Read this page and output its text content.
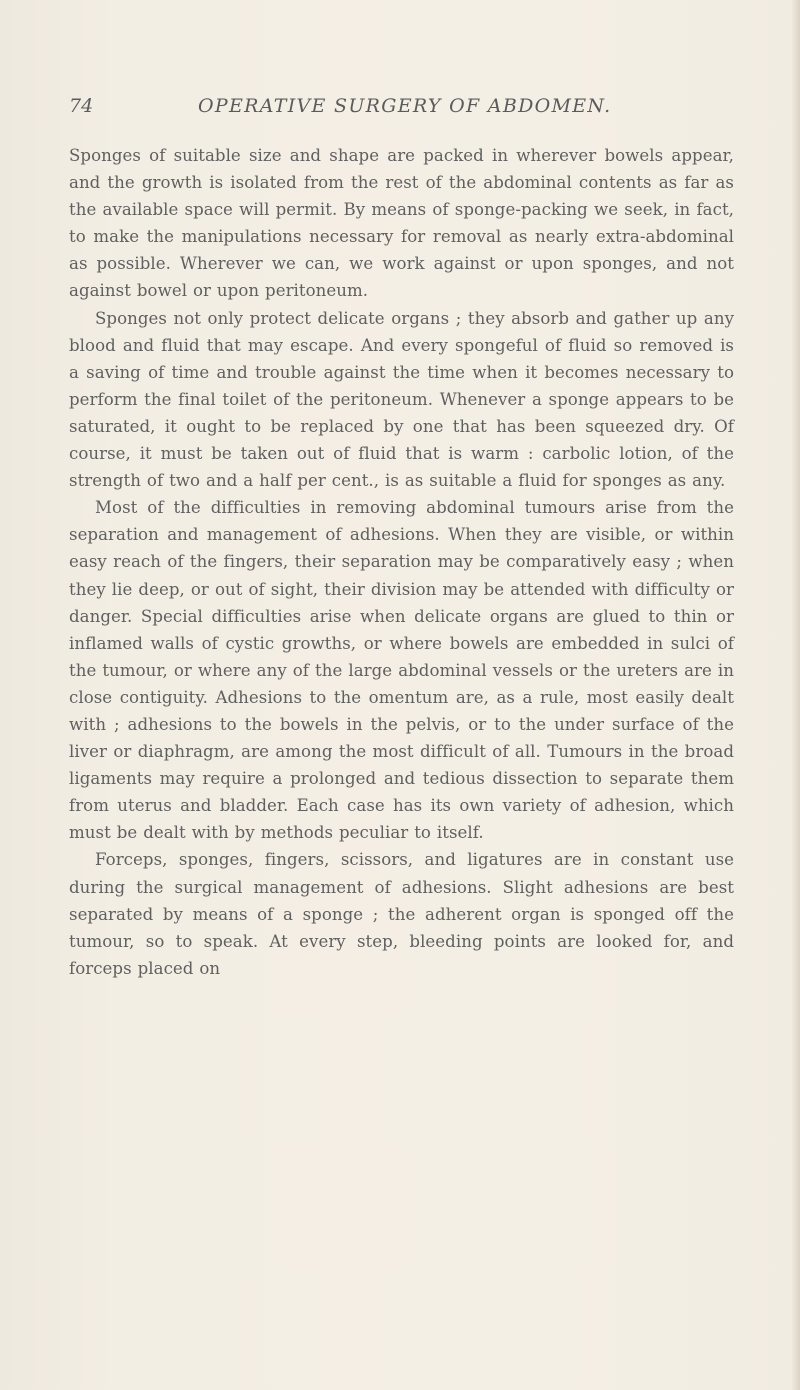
74	OPERATIVE SURGERY OF ABDOMEN.

Sponges of suitable size and shape are packed in wherever bowels appear, and the growth is isolated from the rest of the abdominal contents as far as the available space will permit. By means of sponge-packing we seek, in fact, to make the manipulations necessary for removal as nearly extra-abdominal as possible. Wherever we can, we work against or upon sponges, and not against bowel or upon peritoneum.

Sponges not only protect delicate organs ; they absorb and gather up any blood and fluid that may escape. And every spongeful of fluid so removed is a saving of time and trouble against the time when it becomes necessary to perform the final toilet of the peritoneum. Whenever a sponge appears to be saturated, it ought to be replaced by one that has been squeezed dry. Of course, it must be taken out of fluid that is warm : carbolic lotion, of the strength of two and a half per cent., is as suitable a fluid for sponges as any.

Most of the difficulties in removing abdominal tumours arise from the separation and management of adhesions. When they are visible, or within easy reach of the fingers, their separation may be comparatively easy ; when they lie deep, or out of sight, their division may be attended with difficulty or danger. Special difficulties arise when delicate organs are glued to thin or inflamed walls of cystic growths, or where bowels are embedded in sulci of the tumour, or where any of the large abdominal vessels or the ureters are in close contiguity. Adhesions to the omentum are, as a rule, most easily dealt with ; adhesions to the bowels in the pelvis, or to the under surface of the liver or diaphragm, are among the most difficult of all. Tumours in the broad ligaments may require a prolonged and tedious dissection to separate them from uterus and bladder. Each case has its own variety of adhesion, which must be dealt with by methods peculiar to itself.

Forceps, sponges, fingers, scissors, and ligatures are in constant use during the surgical management of adhesions. Slight adhesions are best separated by means of a sponge ; the adherent organ is sponged off the tumour, so to speak. At every step, bleeding points are looked for, and forceps placed on
